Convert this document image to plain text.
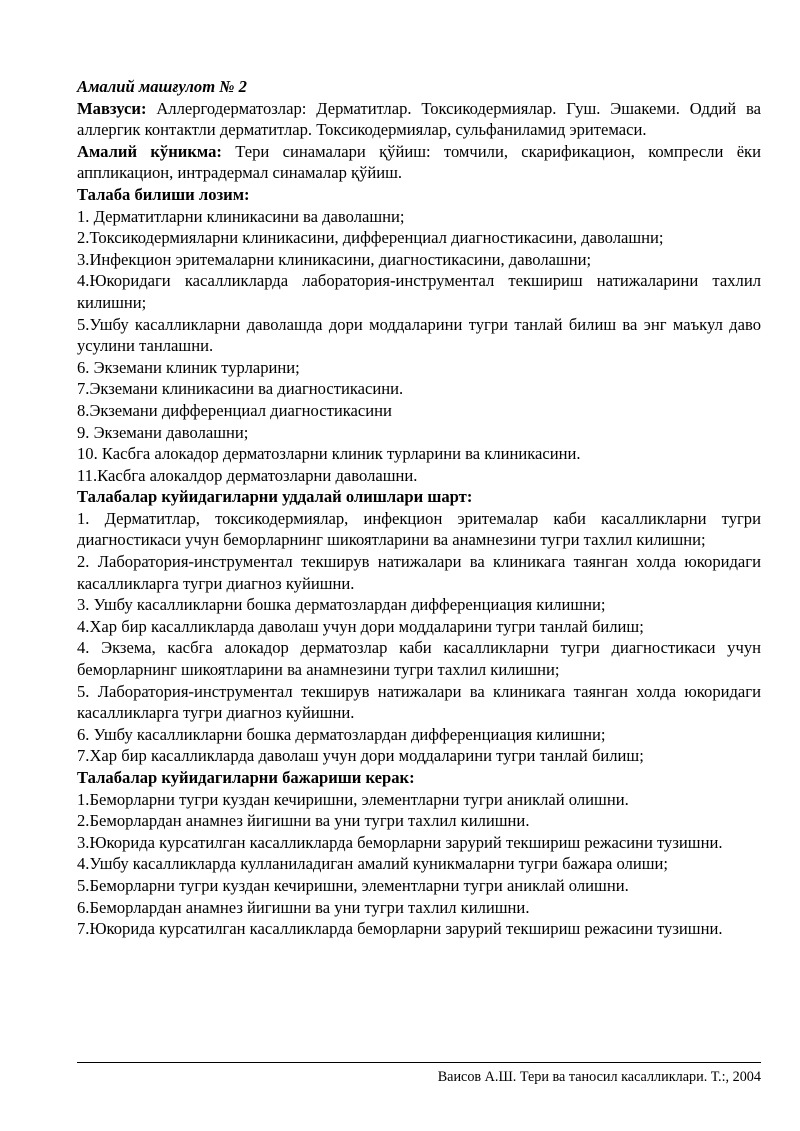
Амалий машғулот № 2

Мавзуси: Аллергодерматозлар: Дерматитлар. Токсикодермиялар. Гуш. Эшакеми. Оддий ва аллергик контактли дерматитлар. Токсикодермиялар, сульфаниламид эритемаси.

Амалий кўникма: Тери синамалари қўйиш: томчили, скарификацион, компресли ёки аппликацион, интрадермал синамалар қўйиш.

Талаба билиши лозим:

1. Дерматитларни клиникасини ва даволашни;

2.Токсикодермияларни клиникасини, дифференциал диагностикасини, даволашни;

3.Инфекцион эритемаларни клиникасини, диагностикасини, даволашни;

4.Юкоридаги касалликларда лаборатория-инструментал текшириш натижаларини тахлил килишни;

5.Ушбу касалликларни даволашда дори моддаларини тугри танлай билиш ва энг маъкул даво усулини танлашни.

6. Экземани клиник турларини;

7.Экземани клиникасини ва диагностикасини.

8.Экземани дифференциал диагностикасини

9. Экземани даволашни;

10. Касбга алокадор дерматозларни клиник турларини ва клиникасини.

11.Касбга алокалдор дерматозларни даволашни.

Талабалар куйидагиларни уддалай олишлари шарт:

1. Дерматитлар, токсикодермиялар, инфекцион эритемалар каби касалликларни тугри диагностикаси учун беморларнинг шикоятларини ва анамнезини тугри тахлил килишни;

2. Лаборатория-инструментал текширув натижалари ва клиникага таянган холда юкоридаги касалликларга тугри диагноз куйишни.

3. Ушбу касалликларни бошка дерматозлардан дифференциация килишни;

4.Хар бир касалликларда даволаш учун дори моддаларини тугри танлай билиш;

4. Экзема, касбга алокадор дерматозлар каби касалликларни тугри диагностикаси учун беморларнинг шикоятларини ва анамнезини тугри тахлил килишни;

5. Лаборатория-инструментал текширув натижалари ва клиникага таянган холда юкоридаги касалликларга тугри диагноз куйишни.

6. Ушбу касалликларни бошка дерматозлардан дифференциация килишни;

7.Хар бир касалликларда даволаш учун дори моддаларини тугри танлай билиш;

Талабалар куйидагиларни бажариши керак:

1.Беморларни тугри куздан кечиришни, элементларни тугри аниклай олишни.

2.Беморлардан анамнез йигишни ва уни тугри тахлил килишни.

3.Юкорида курсатилган касалликларда беморларни зарурий текшириш режасини тузишни.

4.Ушбу касалликларда кулланиладиган амалий куникмаларни тугри бажара олиши;

5.Беморларни тугри куздан кечиришни, элементларни тугри аниклай олишни.

6.Беморлардан анамнез йигишни ва уни тугри тахлил килишни.

7.Юкорида курсатилган касалликларда беморларни зарурий текшириш режасини тузишни.

Ваисов А.Ш. Тери ва таносил касалликлари. Т.:, 2004
